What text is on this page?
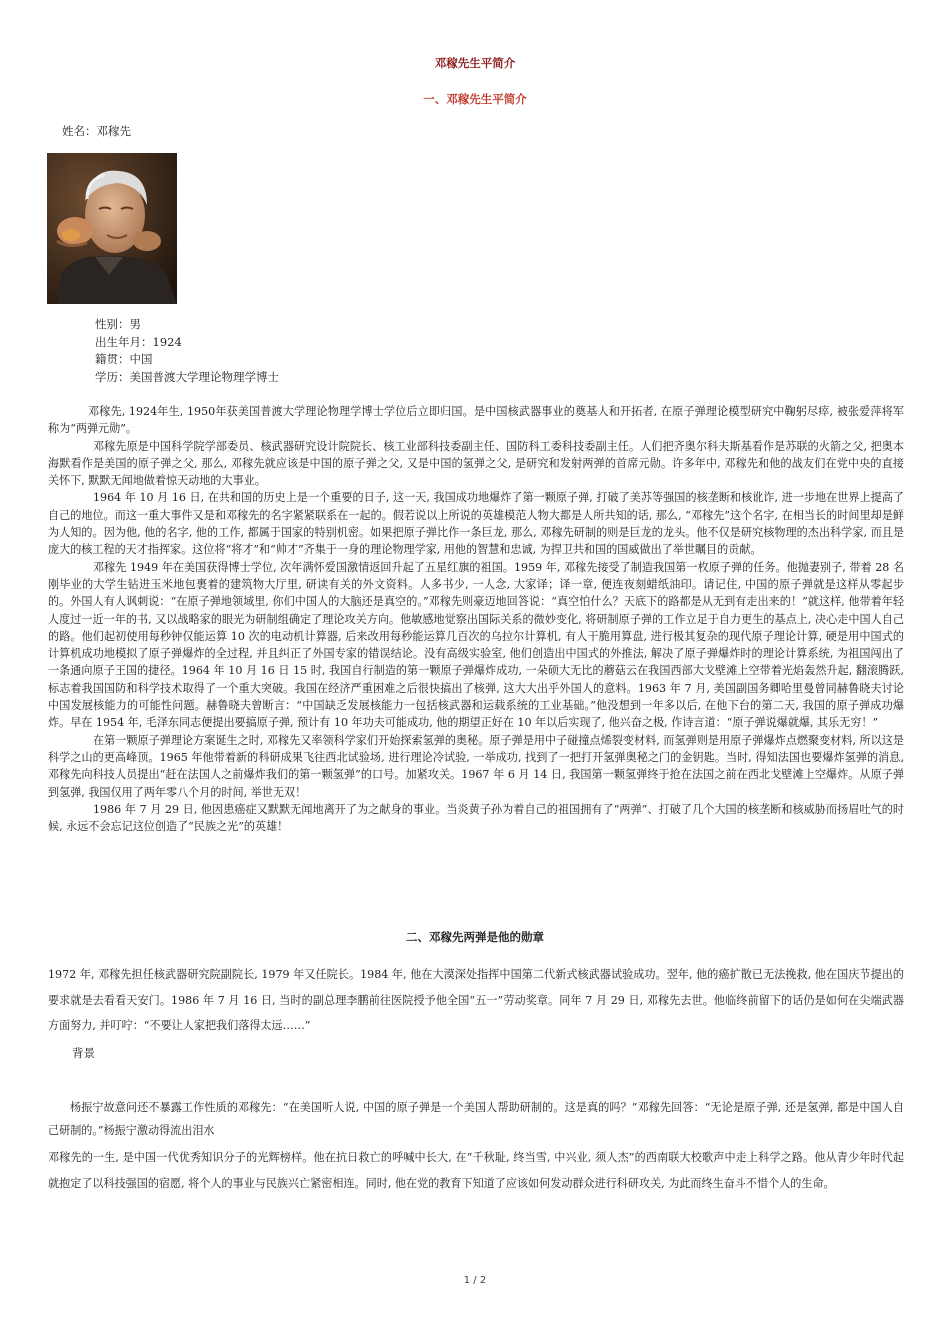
邓稼先生平简介
一、邓稼先生平简介
姓名：邓稼先
性别：男
出生年月：1924
籍贯：中国
学历：美国普渡大学理论物理学博士

邓稼先, 1924年生, 1950年获美国普渡大学理论物理学博士学位后立即归国。是中国核武器事业的奠基人和开拓者, 在原子弹理论模型研究中鞠躬尽瘁, 被张爱萍将军称为“两弹元勋”。

邓稼先原是中国科学院学部委员、核武器研究设计院院长、核工业部科技委副主任、国防科工委科技委副主任。人们把齐奥尔科夫斯基看作是苏联的火箭之父, 把奥本海默看作是美国的原子弹之父, 那么, 邓稼先就应该是中国的原子弹之父, 又是中国的氢弹之父, 是研究和发射两弹的首席元勋。许多年中, 邓稼先和他的战友们在党中央的直接关怀下, 默默无闻地做着惊天动地的大事业。

1964 年 10 月 16 日, 在共和国的历史上是一个重要的日子, 这一天, 我国成功地爆炸了第一颗原子弹, 打破了美苏等强国的核垄断和核讹诈, 进一步地在世界上提高了自己的地位。而这一重大事件又是和邓稼先的名字紧紧联系在一起的。假若说以上所说的英雄模范人物大都是人所共知的话, 那么, “邓稼先”这个名字, 在相当长的时间里却是鲜为人知的。因为他, 他的名字, 他的工作, 都属于国家的特别机密。如果把原子弹比作一条巨龙, 那么, 邓稼先研制的则是巨龙的龙头。他不仅是研究核物理的杰出科学家, 而且是庞大的核工程的天才指挥家。这位将“将才”和“帅才”齐集于一身的理论物理学家, 用他的智慧和忠诚, 为捍卫共和国的国威做出了举世瞩目的贡献。

邓稼先 1949 年在美国获得博士学位, 次年满怀爱国激情返回升起了五星红旗的祖国。1959 年, 邓稼先接受了制造我国第一枚原子弹的任务。他抛妻别子, 带着 28 名刚毕业的大学生钻进玉米地包裹着的建筑物大厅里, 研读有关的外文资料。人多书少, 一人念, 大家译；译一章, 便连夜刻蜡纸油印。请记住, 中国的原子弹就是这样从零起步的。外国人有人讽刺说：“在原子弹地领域里, 你们中国人的大脑还是真空的。”邓稼先则豪迈地回答说：“真空怕什么？天底下的路都是从无到有走出来的！”就这样, 他带着年轻人度过一近一年的书, 又以战略家的眼光为研制组确定了理论攻关方向。他敏感地觉察出国际关系的微妙变化, 将研制原子弹的工作立足于自力更生的基点上, 决心走中国人自己的路。他们起初使用每秒钟仅能运算 10 次的电动机计算器, 后来改用每秒能运算几百次的乌拉尔计算机, 有人干脆用算盘, 进行极其复杂的现代原子理论计算, 硬是用中国式的计算机成功地模拟了原子弹爆炸的全过程, 并且纠正了外国专家的错误结论。没有高级实验室, 他们创造出中国式的外推法, 解决了原子弹爆炸时的理论计算系统, 为祖国闯出了一条通向原子王国的捷径。1964 年 10 月 16 日 15 时, 我国自行制造的第一颗原子弹爆炸成功, 一朵硕大无比的蘑菇云在我国西部大戈壁滩上空带着光焰轰然升起, 翻滚腾跃, 标志着我国国防和科学技术取得了一个重大突破。我国在经济严重困难之后很快搞出了核弹, 这大大出乎外国人的意料。1963 年 7 月, 美国副国务卿哈里曼曾同赫鲁晓夫讨论中国发展核能力的可能性问题。赫鲁晓夫曾断言：“中国缺乏发展核能力一包括核武器和运载系统的工业基础。”他没想到一年多以后, 在他下台的第二天, 我国的原子弹成功爆炸。早在 1954 年, 毛泽东同志便提出要搞原子弹, 预计有 10 年功夫可能成功, 他的期望正好在 10 年以后实现了, 他兴奋之极, 作诗言道：“原子弹说爆就爆, 其乐无穷！”

在第一颗原子弹理论方案诞生之时, 邓稼先又率领科学家们开始探索氢弹的奥秘。原子弹是用中子碰撞点烯裂变材料, 而氢弹则是用原子弹爆炸点燃聚变材料, 所以这是科学之山的更高峰顶。1965 年他带着新的科研成果飞往西北试验场, 进行理论冷试验, 一举成功, 找到了一把打开氢弹奥秘之门的金钥匙。当时, 得知法国也要爆炸氢弹的消息, 邓稼先向科技人员提出“赶在法国人之前爆炸我们的第一颗氢弹”的口号。加紧攻关。1967 年 6 月 14 日, 我国第一颗氢弹终于抢在法国之前在西北戈壁滩上空爆炸。从原子弹到氢弹, 我国仅用了两年零八个月的时间, 举世无双！

1986 年 7 月 29 日, 他因患癌症又默默无闻地离开了为之献身的事业。当炎黄子孙为着自己的祖国拥有了“两弹”、打破了几个大国的核垄断和核威胁而扬眉吐气的时候, 永远不会忘记这位创造了“民族之光”的英雄！

二、邓稼先两弹是他的勋章

1972 年, 邓稼先担任核武器研究院副院长, 1979 年又任院长。1984 年, 他在大漠深处指挥中国第二代新式核武器试验成功。翌年, 他的癌扩散已无法挽救, 他在国庆节提出的要求就是去看看天安门。1986 年 7 月 16 日, 当时的副总理李鹏前往医院授予他全国“五一”劳动奖章。同年 7 月 29 日, 邓稼先去世。他临终前留下的话仍是如何在尖端武器方面努力, 并叮咛：“不要让人家把我们落得太远……”

背景

杨振宁故意问还不暴露工作性质的邓稼先：“在美国听人说, 中国的原子弹是一个美国人帮助研制的。这是真的吗？”邓稼先回答：“无论是原子弹, 还是氢弹, 都是中国人自己研制的。”杨振宁激动得流出泪水

邓稼先的一生, 是中国一代优秀知识分子的光辉榜样。他在抗日救亡的呼喊中长大, 在“千秋耻, 终当雪, 中兴业, 须人杰”的西南联大校歌声中走上科学之路。他从青少年时代起就抱定了以科技强国的宿愿, 将个人的事业与民族兴亡紧密相连。同时, 他在党的教育下知道了应该如何发动群众进行科研攻关, 为此而终生奋斗不惜个人的生命。

1 / 2
